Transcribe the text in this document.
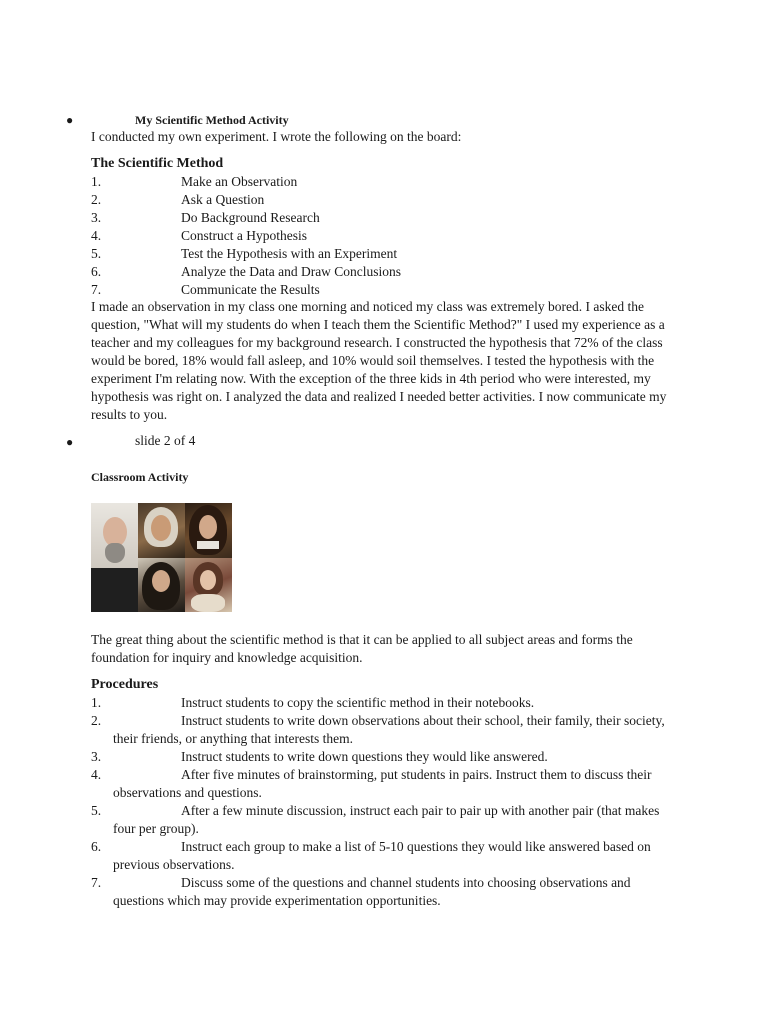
●	My Scientific Method Activity
I conducted my own experiment. I wrote the following on the board:
The Scientific Method
1.	Make an Observation
2.	Ask a Question
3.	Do Background Research
4.	Construct a Hypothesis
5.	Test the Hypothesis with an Experiment
6.	Analyze the Data and Draw Conclusions
7.	Communicate the Results
I made an observation in my class one morning and noticed my class was extremely bored. I asked the question, "What will my students do when I teach them the Scientific Method?" I used my experience as a teacher and my colleagues for my background research. I constructed the hypothesis that 72% of the class would be bored, 18% would fall asleep, and 10% would soil themselves. I tested the hypothesis with the experiment I'm relating now. With the exception of the three kids in 4th period who were interested, my hypothesis was right on. I analyzed the data and realized I needed better activities. I now communicate my results to you.
●	slide 2 of 4
Classroom Activity
The great thing about the scientific method is that it can be applied to all subject areas and forms the foundation for inquiry and knowledge acquisition.
Procedures
1.	Instruct students to copy the scientific method in their notebooks.
2.	Instruct students to write down observations about their school, their family, their society, their friends, or anything that interests them.
3.	Instruct students to write down questions they would like answered.
4.	After five minutes of brainstorming, put students in pairs. Instruct them to discuss their observations and questions.
5.	After a few minute discussion, instruct each pair to pair up with another pair (that makes four per group).
6.	Instruct each group to make a list of 5-10 questions they would like answered based on previous observations.
7.	Discuss some of the questions and channel students into choosing observations and questions which may provide experimentation opportunities.
